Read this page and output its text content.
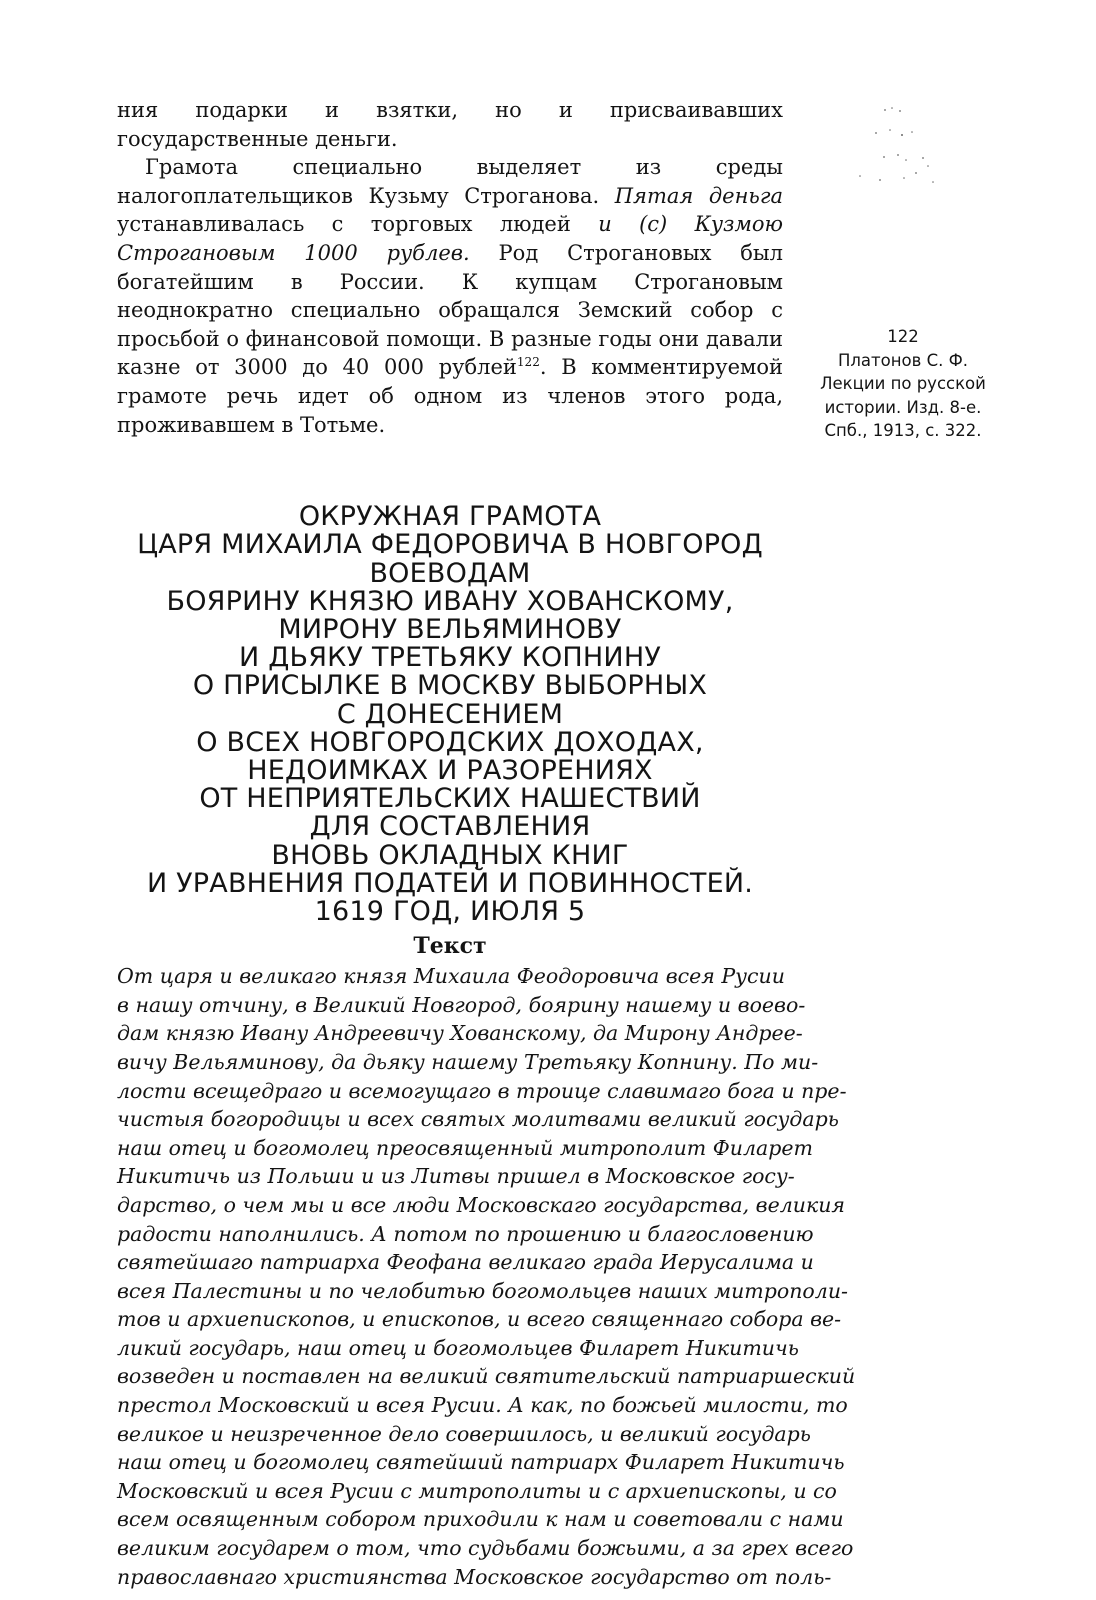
ния подарки и взятки, но и присваивавших государственные деньги.

Грамота специально выделяет из среды налогоплательщиков Кузьму Строганова. Пятая деньга устанавливалась с торговых людей и (с) Кузмою Строгановым 1000 рублев. Род Строгановых был богатейшим в России. К купцам Строгановым неоднократно специально обращался Земский собор с просьбой о финансовой помощи. В разные годы они давали казне от 3000 до 40 000 рублей$^{122}$. В комментируемой грамоте речь идет об одном из членов этого рода, проживавшем в Тотьме.

ОКРУЖНАЯ ГРАМОТА
ЦАРЯ МИХАИЛА ФЕДОРОВИЧА В НОВГОРОД
ВОЕВОДАМ
БОЯРИНУ КНЯЗЮ ИВАНУ ХОВАНСКОМУ,
МИРОНУ ВЕЛЬЯМИНОВУ
И ДЬЯКУ ТРЕТЬЯКУ КОПНИНУ
О ПРИСЫЛКЕ В МОСКВУ ВЫБОРНЫХ
С ДОНЕСЕНИЕМ
О ВСЕХ НОВГОРОДСКИХ ДОХОДАХ,
НЕДОИМКАХ И РАЗОРЕНИЯХ
ОТ НЕПРИЯТЕЛЬСКИХ НАШЕСТВИЙ
ДЛЯ СОСТАВЛЕНИЯ
ВНОВЬ ОКЛАДНЫХ КНИГ
И УРАВНЕНИЯ ПОДАТЕЙ И ПОВИННОСТЕЙ.
1619 ГОД, ИЮЛЯ 5
Текст
От царя и великаго князя Михаила Феодоровича всея Русии
в нашу отчину, в Великий Новгород, боярину нашему и воево-
дам князю Ивану Андреевичу Хованскому, да Мирону Андрее-
вичу Вельяминову, да дьяку нашему Третьяку Копнину. По ми-
лости всещедраго и всемогущаго в троице славимаго бога и пре-
чистыя богородицы и всех святых молитвами великий государь
наш отец и богомолец преосвященный митрополит Филарет
Никитичь из Польши и из Литвы пришел в Московское госу-
дарство, о чем мы и все люди Московскаго государства, великия
радости наполнились. А потом по прошению и благословению
святейшаго патриарха Феофана великаго града Иерусалима и
всея Палестины и по челобитью богомольцев наших митрополи-
тов и архиепископов, и епископов, и всего священнаго собора ве-
ликий государь, наш отец и богомольцев Филарет Никитичь
возведен и поставлен на великий святительский патриаршеский
престол Московский и всея Русии. А как, по божьей милости, то
великое и неизреченное дело совершилось, и великий государь
наш отец и богомолец святейший патриарх Филарет Никитичь
Московский и всея Русии с митрополиты и с архиепископы, и со
всем освященным собором приходили к нам и советовали с нами
великим государем о том, что судьбами божьими, а за грех всего
православнаго християнства Московское государство от поль-
122
Платонов С. Ф.
Лекции по русской
истории. Изд. 8-е.
Спб., 1913, с. 322.
